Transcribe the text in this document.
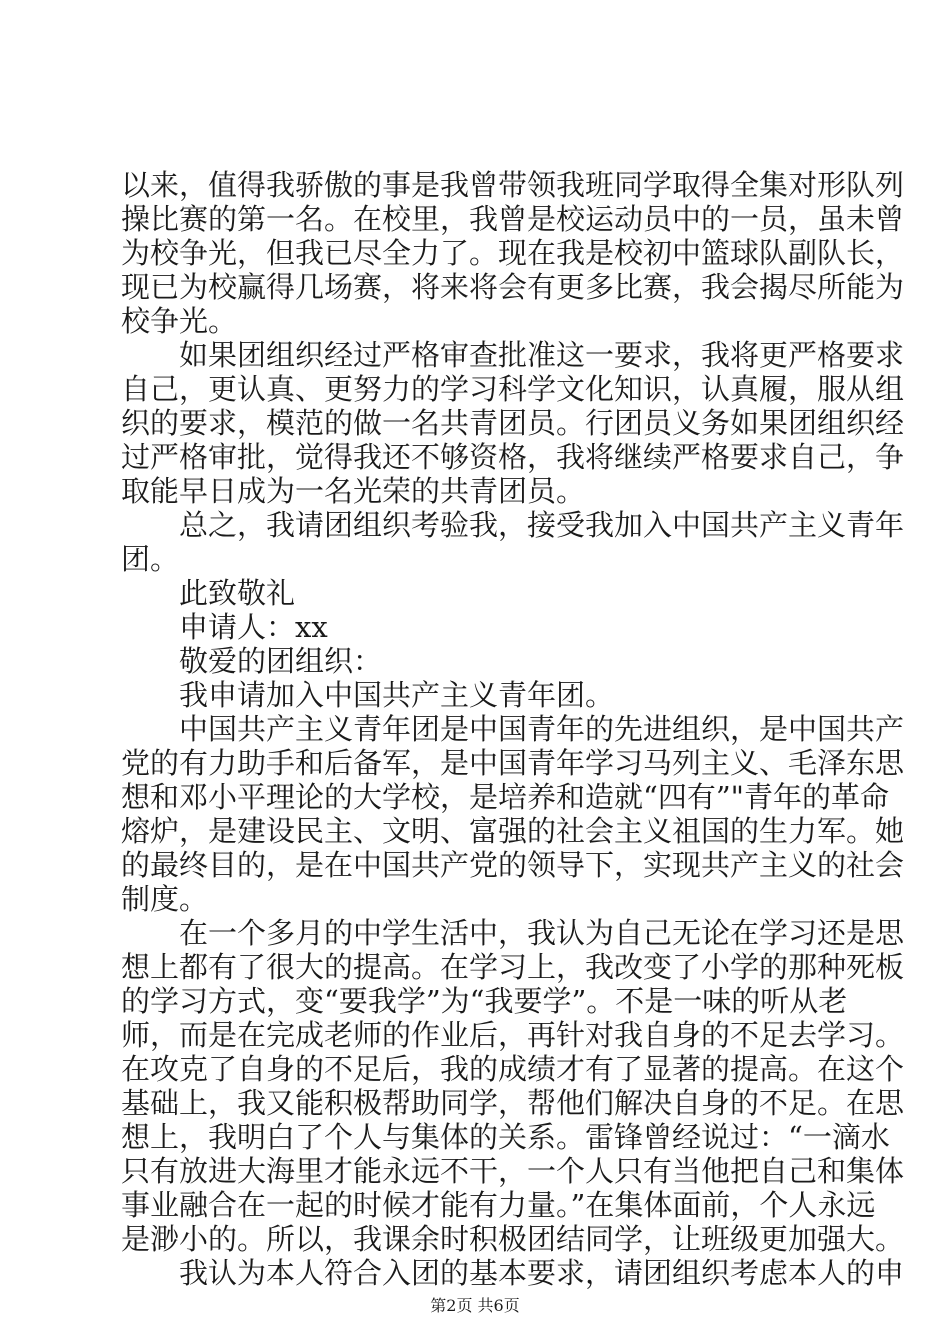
以来，值得我骄傲的事是我曾带领我班同学取得全集对形队列
操比赛的第一名。在校里，我曾是校运动员中的一员，虽未曾
为校争光，但我已尽全力了。现在我是校初中篮球队副队长，
现已为校赢得几场赛，将来将会有更多比赛，我会揭尽所能为
校争光。
如果团组织经过严格审查批准这一要求，我将更严格要求
自己，更认真、更努力的学习科学文化知识，认真履，服从组
织的要求，模范的做一名共青团员。行团员义务如果团组织经
过严格审批，觉得我还不够资格，我将继续严格要求自己，争
取能早日成为一名光荣的共青团员。
总之，我请团组织考验我，接受我加入中国共产主义青年
团。
此致敬礼
申请人：xx
敬爱的团组织：
我申请加入中国共产主义青年团。
中国共产主义青年团是中国青年的先进组织，是中国共产
党的有力助手和后备军，是中国青年学习马列主义、毛泽东思
想和邓小平理论的大学校，是培养和造就“四有”"青年的革命
熔炉，是建设民主、文明、富强的社会主义祖国的生力军。她
的最终目的，是在中国共产党的领导下，实现共产主义的社会
制度。
在一个多月的中学生活中，我认为自己无论在学习还是思
想上都有了很大的提高。在学习上，我改变了小学的那种死板
的学习方式，变“要我学”为“我要学”。不是一味的听从老
师，而是在完成老师的作业后，再针对我自身的不足去学习。
在攻克了自身的不足后，我的成绩才有了显著的提高。在这个
基础上，我又能积极帮助同学，帮他们解决自身的不足。在思
想上，我明白了个人与集体的关系。雷锋曾经说过：“一滴水
只有放进大海里才能永远不干，一个人只有当他把自己和集体
事业融合在一起的时候才能有力量。”在集体面前，个人永远
是渺小的。所以，我课余时积极团结同学，让班级更加强大。
我认为本人符合入团的基本要求，请团组织考虑本人的申
第2页 共6页
